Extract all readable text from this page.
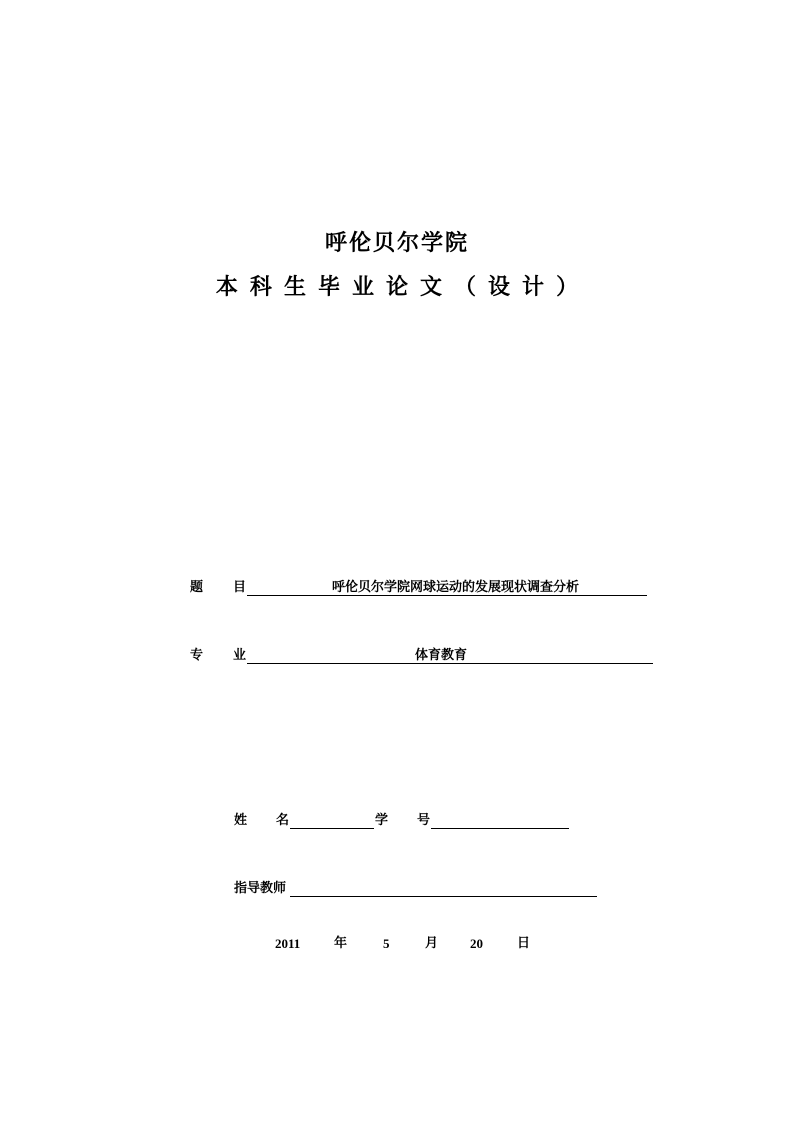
呼伦贝尔学院
本 科 生 毕 业 论 文 （ 设 计 ）
题 目	呼伦贝尔学院网球运动的发展现状调查分析
专 业	体育教育
姓 名	学 号
指导教师
2011	年	5	月 20	日
